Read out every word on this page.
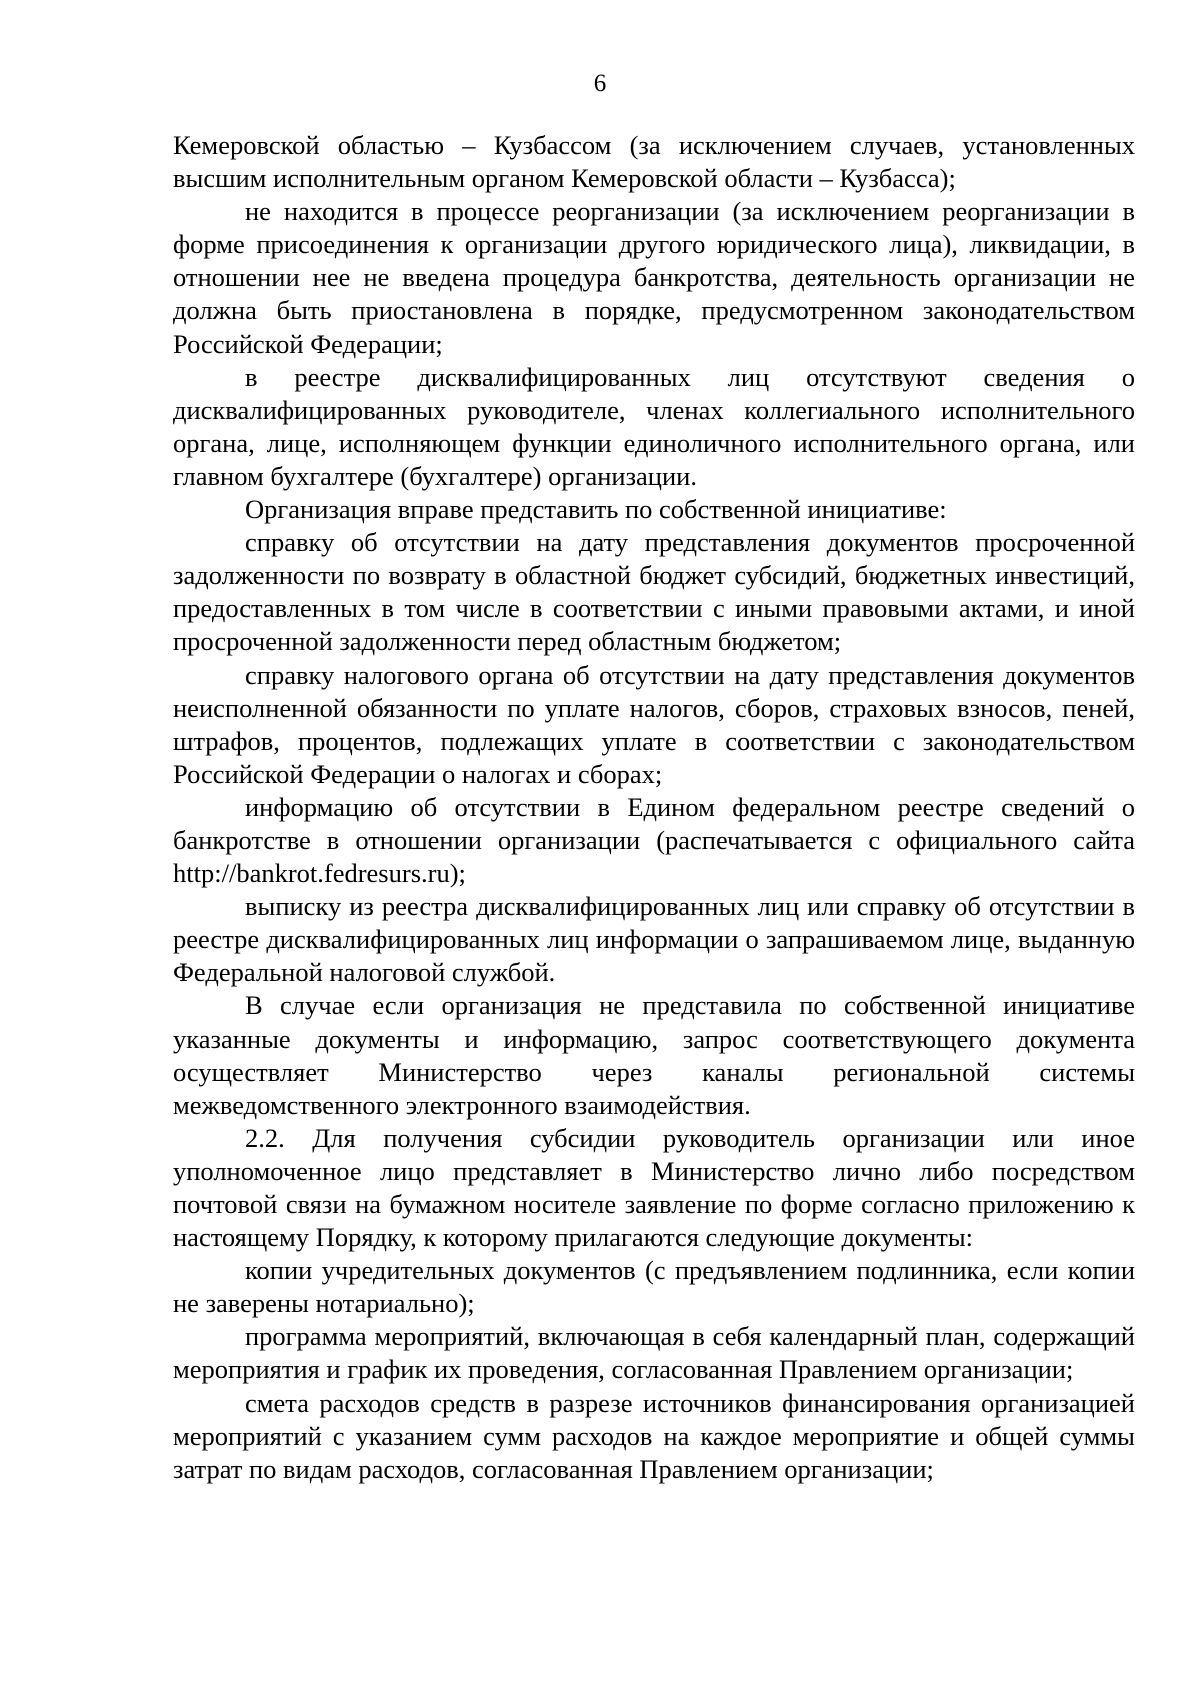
6

Кемеровской областью – Кузбассом (за исключением случаев, установленных высшим исполнительным органом Кемеровской области – Кузбасса);

не находится в процессе реорганизации (за исключением реорганизации в форме присоединения к организации другого юридического лица), ликвидации, в отношении нее не введена процедура банкротства, деятельность организации не должна быть приостановлена в порядке, предусмотренном законодательством Российской Федерации;

в реестре дисквалифицированных лиц отсутствуют сведения о дисквалифицированных руководителе, членах коллегиального исполнительного органа, лице, исполняющем функции единоличного исполнительного органа, или главном бухгалтере (бухгалтере) организации.

Организация вправе представить по собственной инициативе:

справку об отсутствии на дату представления документов просроченной задолженности по возврату в областной бюджет субсидий, бюджетных инвестиций, предоставленных в том числе в соответствии с иными правовыми актами, и иной просроченной задолженности перед областным бюджетом;

справку налогового органа об отсутствии на дату представления документов неисполненной обязанности по уплате налогов, сборов, страховых взносов, пеней, штрафов, процентов, подлежащих уплате в соответствии с законодательством Российской Федерации о налогах и сборах;

информацию об отсутствии в Едином федеральном реестре сведений о банкротстве в отношении организации (распечатывается с официального сайта http://bankrot.fedresurs.ru);

выписку из реестра дисквалифицированных лиц или справку об отсутствии в реестре дисквалифицированных лиц информации о запрашиваемом лице, выданную Федеральной налоговой службой.

В случае если организация не представила по собственной инициативе указанные документы и информацию, запрос соответствующего документа осуществляет Министерство через каналы региональной системы межведомственного электронного взаимодействия.

2.2. Для получения субсидии руководитель организации или иное уполномоченное лицо представляет в Министерство лично либо посредством почтовой связи на бумажном носителе заявление по форме согласно приложению к настоящему Порядку, к которому прилагаются следующие документы:

копии учредительных документов (с предъявлением подлинника, если копии не заверены нотариально);

программа мероприятий, включающая в себя календарный план, содержащий мероприятия и график их проведения, согласованная Правлением организации;

смета расходов средств в разрезе источников финансирования организацией мероприятий с указанием сумм расходов на каждое мероприятие и общей суммы затрат по видам расходов, согласованная Правлением организации;
